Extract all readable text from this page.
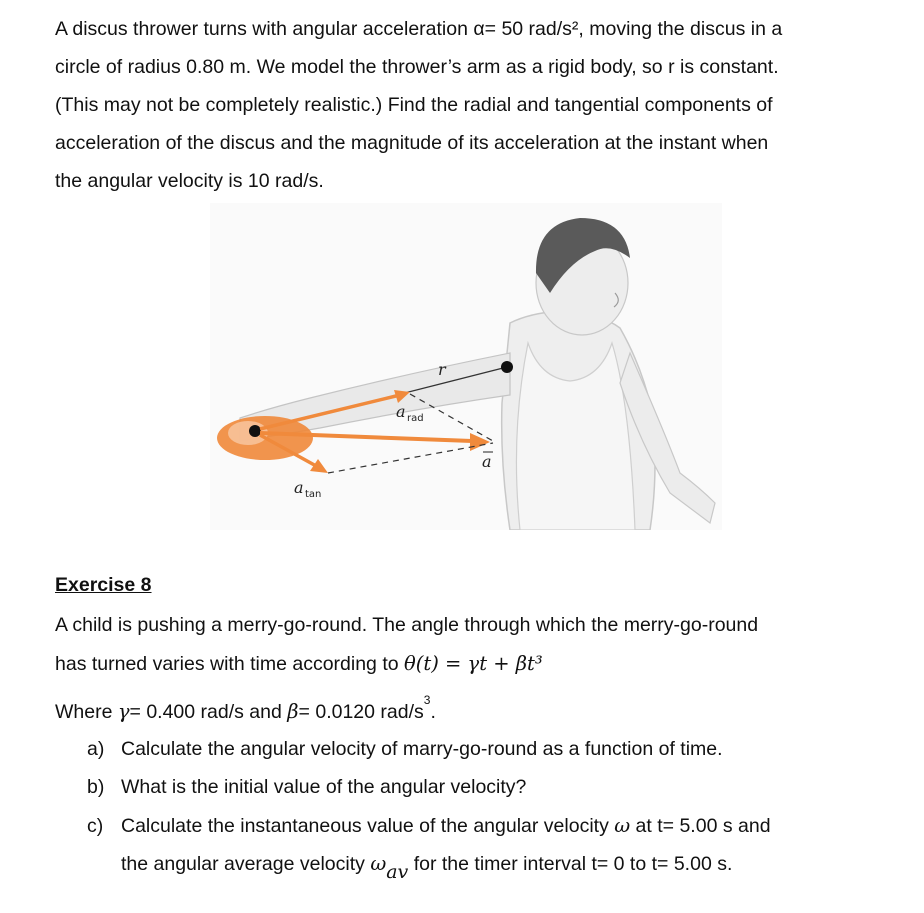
A discus thrower turns with angular acceleration α= 50 rad/s², moving the discus in a
circle of radius 0.80 m. We model the thrower’s arm as a rigid body, so r is constant.
(This may not be completely realistic.) Find the radial and tangential components of
acceleration of the discus and the magnitude of its acceleration at the instant when
the angular velocity is 10 rad/s.
r
a rad
a
a tan
Exercise 8
A child is pushing a merry-go-round. The angle through which the merry-go-round
has turned varies with time according to θ(t) = γt + βt³
Where γ= 0.400 rad/s and β= 0.0120 rad/$s^3$.
a) Calculate the angular velocity of marry-go-round as a function of time.
b) What is the initial value of the angular velocity?
c) Calculate the instantaneous value of the angular velocity ω at t= 5.00 s and
the angular average velocity ωav for the timer interval t= 0 to t= 5.00 s.
